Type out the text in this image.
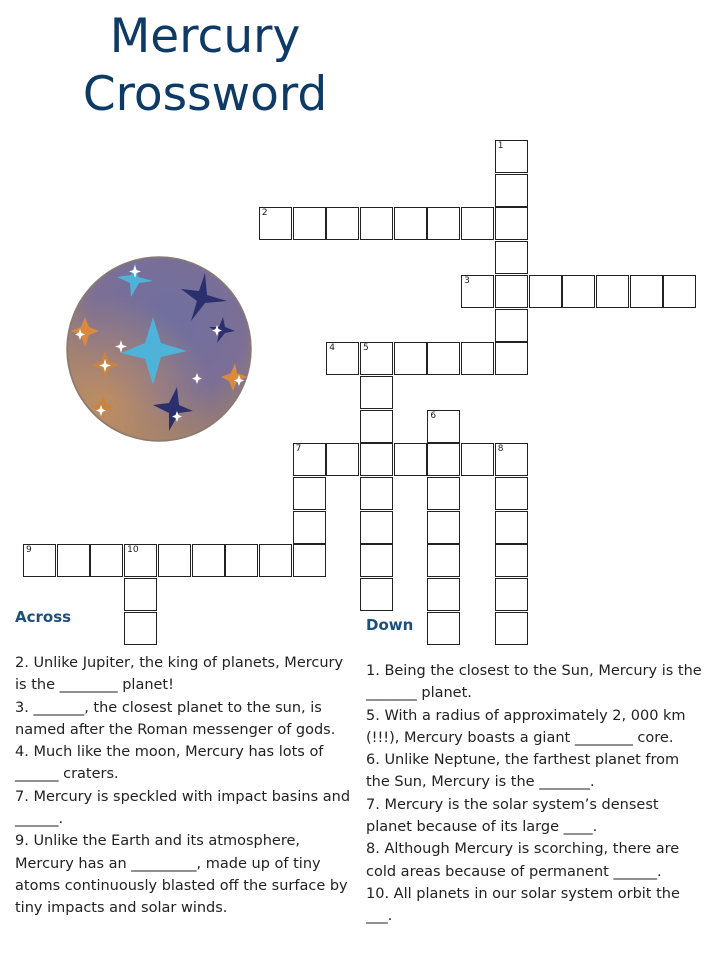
Mercury
Crossword
1
2
3
4	5
6
7	8
9	10
Across	Down
2. Unlike Jupiter, the king of planets, Mercury is the ________ planet!
3. _______, the closest planet to the sun, is named after the Roman messenger of gods.
4. Much like the moon, Mercury has lots of ______ craters.
7. Mercury is speckled with impact basins and ______.
9. Unlike the Earth and its atmosphere, Mercury has an _________, made up of tiny atoms continuously blasted off the surface by tiny impacts and solar winds.
1. Being the closest to the Sun, Mercury is the _______ planet.
5. With a radius of approximately 2, 000 km (!!!), Mercury boasts a giant ________ core.
6. Unlike Neptune, the farthest planet from the Sun, Mercury is the _______.
7. Mercury is the solar system’s densest planet because of its large ____.
8. Although Mercury is scorching, there are cold areas because of permanent ______.
10. All planets in our solar system orbit the ___.
